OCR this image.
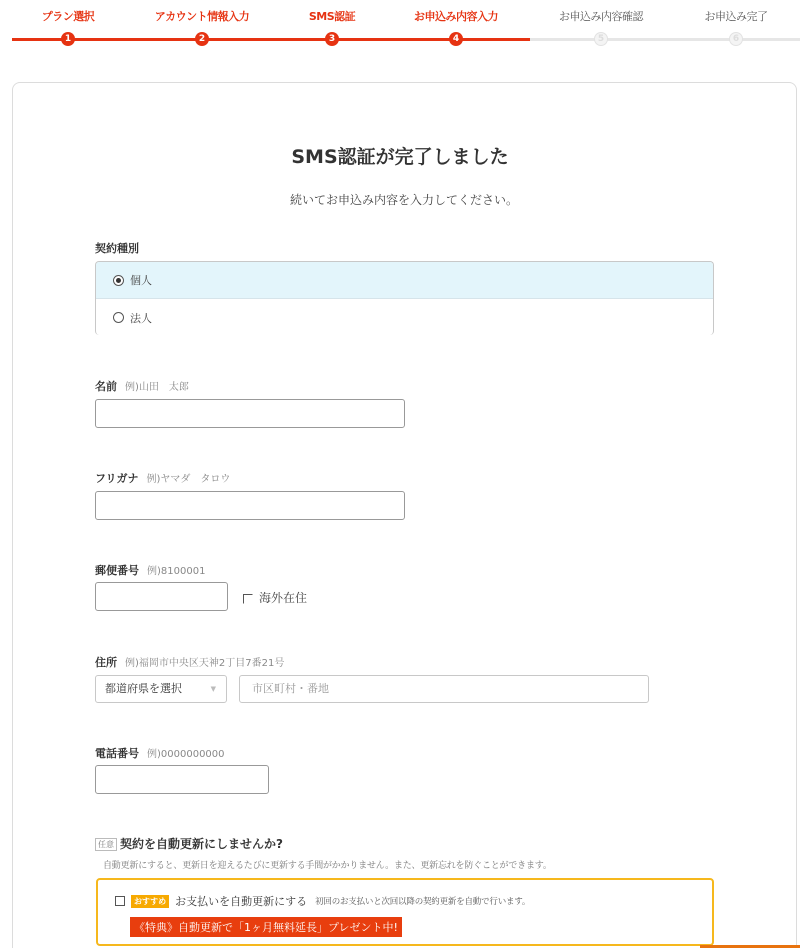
プラン選択
1
アカウント情報入力
2
SMS認証
3
お申込み内容入力
4
お申込み内容確認
5
お申込み完了
6
SMS認証が完了しました
続いてお申込み内容を入力してください。
契約種別
個人
法人
名前 例)山田　太郎
フリガナ 例)ヤマダ　タロウ
郵便番号 例)8100001
海外在住
住所 例)福岡市中央区天神2丁目7番21号
都道府県を選択	▼	市区町村・番地
電話番号 例)0000000000
任意 契約を自動更新にしませんか?
自動更新にすると、更新日を迎えるたびに更新する手間がかかりません。また、更新忘れを防ぐことができます。
おすすめ お支払いを自動更新にする 初回のお支払いと次回以降の契約更新を自動で行います。
《特典》自動更新で「1ヶ月無料延長」プレゼント中!
